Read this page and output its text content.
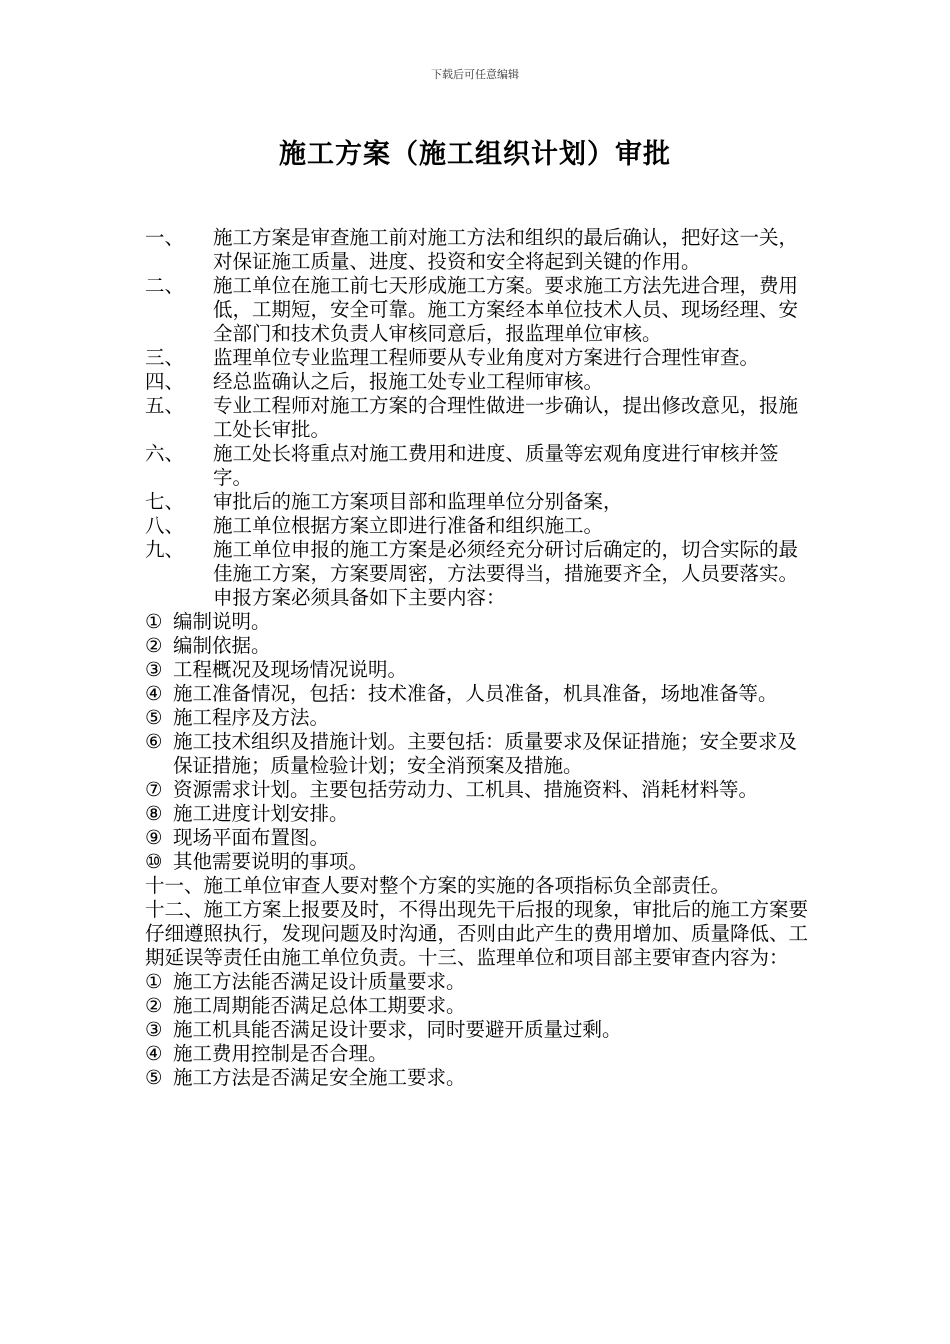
下载后可任意编辑
施工方案（施工组织计划）审批
一、	施工方案是审查施工前对施工方法和组织的最后确认，把好这一关，对保证施工质量、进度、投资和安全将起到关键的作用。
二、	施工单位在施工前七天形成施工方案。要求施工方法先进合理，费用低，工期短，安全可靠。施工方案经本单位技术人员、现场经理、安全部门和技术负责人审核同意后，报监理单位审核。
三、	监理单位专业监理工程师要从专业角度对方案进行合理性审查。
四、	经总监确认之后，报施工处专业工程师审核。
五、	专业工程师对施工方案的合理性做进一步确认，提出修改意见，报施工处长审批。
六、	施工处长将重点对施工费用和进度、质量等宏观角度进行审核并签字。
七、	审批后的施工方案项目部和监理单位分别备案，
八、	施工单位根据方案立即进行准备和组织施工。
九、	施工单位申报的施工方案是必须经充分研讨后确定的，切合实际的最佳施工方案，方案要周密，方法要得当，措施要齐全，人员要落实。申报方案必须具备如下主要内容：
① 编制说明。
② 编制依据。
③ 工程概况及现场情况说明。
④ 施工准备情况，包括：技术准备，人员准备，机具准备，场地准备等。
⑤ 施工程序及方法。
⑥ 施工技术组织及措施计划。主要包括：质量要求及保证措施；安全要求及保证措施；质量检验计划；安全消预案及措施。
⑦ 资源需求计划。主要包括劳动力、工机具、措施资料、消耗材料等。
⑧ 施工进度计划安排。
⑨ 现场平面布置图。
⑩ 其他需要说明的事项。
十一、施工单位审查人要对整个方案的实施的各项指标负全部责任。
十二、施工方案上报要及时，不得出现先干后报的现象，审批后的施工方案要仔细遵照执行，发现问题及时沟通，否则由此产生的费用增加、质量降低、工期延误等责任由施工单位负责。十三、监理单位和项目部主要审查内容为：
① 施工方法能否满足设计质量要求。
② 施工周期能否满足总体工期要求。
③ 施工机具能否满足设计要求，同时要避开质量过剩。
④ 施工费用控制是否合理。
⑤ 施工方法是否满足安全施工要求。
